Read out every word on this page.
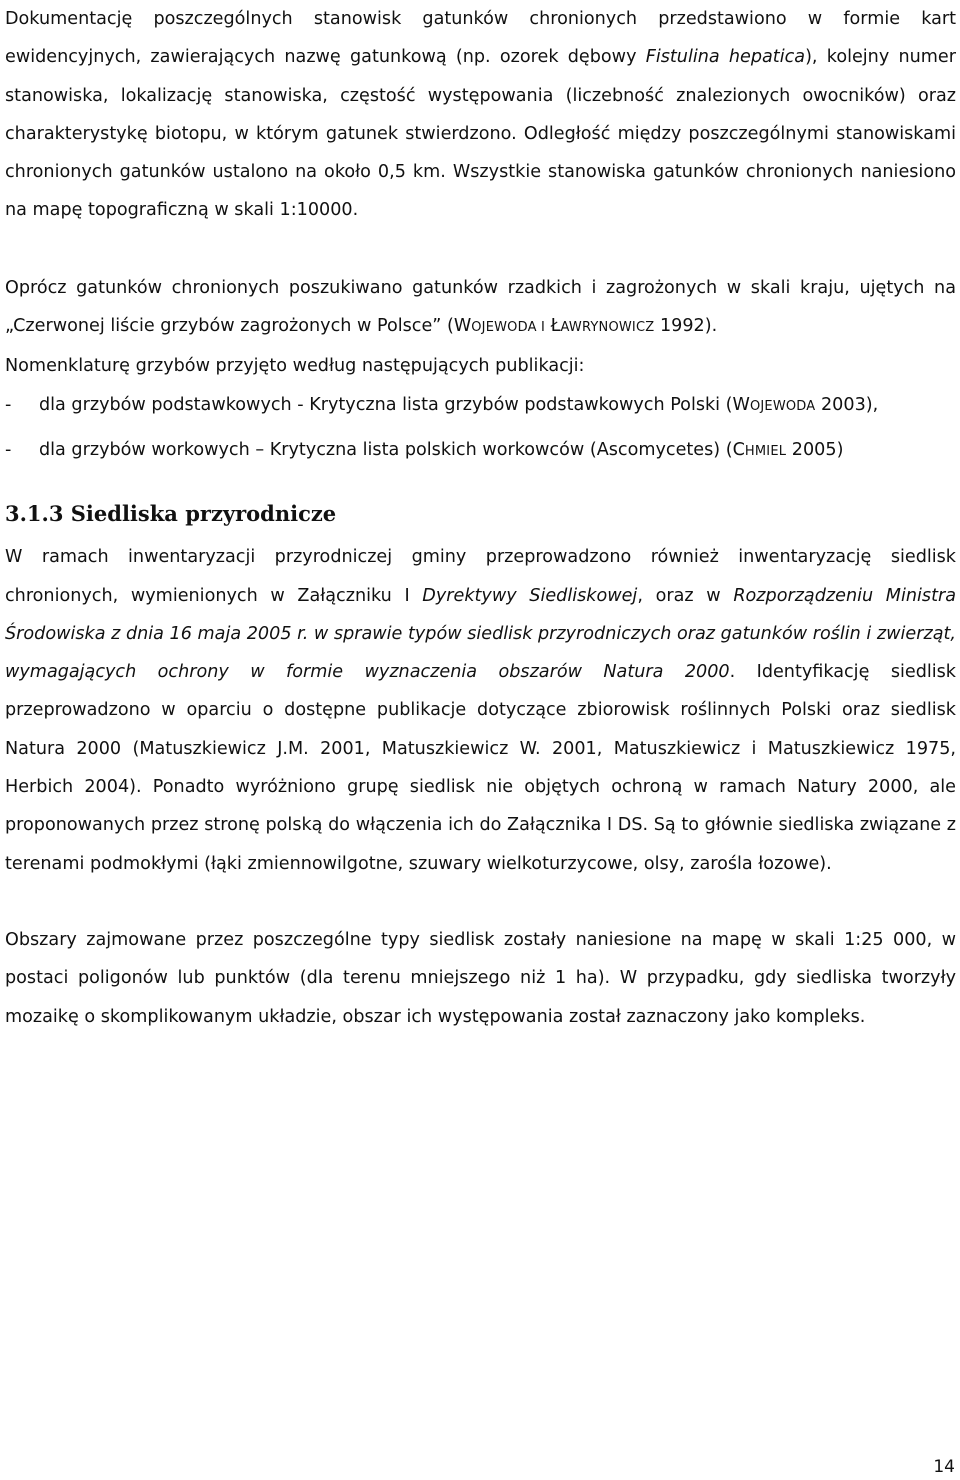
Dokumentację poszczególnych stanowisk gatunków chronionych przedstawiono w formie kart ewidencyjnych, zawierających nazwę gatunkową (np. ozorek dębowy Fistulina hepatica), kolejny numer stanowiska, lokalizację stanowiska, częstość występowania (liczebność znalezionych owocników) oraz charakterystykę biotopu, w którym gatunek stwierdzono. Odległość między poszczególnymi stanowiskami chronionych gatunków ustalono na około 0,5 km. Wszystkie stanowiska gatunków chronionych naniesiono na mapę topograficzną w skali 1:10000.

Oprócz gatunków chronionych poszukiwano gatunków rzadkich i zagrożonych w skali kraju, ujętych na „Czerwonej liście grzybów zagrożonych w Polsce” (WOJEWODA I ŁAWRYNOWICZ 1992).

Nomenklaturę grzybów przyjęto według następujących publikacji:

-	dla grzybów podstawkowych - Krytyczna lista grzybów podstawkowych Polski (WOJEWODA 2003),
-	dla grzybów workowych – Krytyczna lista polskich workowców (Ascomycetes) (CHMIEL 2005)
3.1.3 Siedliska przyrodnicze

W ramach inwentaryzacji przyrodniczej gminy przeprowadzono również inwentaryzację siedlisk chronionych, wymienionych w Załączniku I Dyrektywy Siedliskowej, oraz w Rozporządzeniu Ministra Środowiska z dnia 16 maja 2005 r. w sprawie typów siedlisk przyrodniczych oraz gatunków roślin i zwierząt, wymagających ochrony w formie wyznaczenia obszarów Natura 2000. Identyfikację siedlisk przeprowadzono w oparciu o dostępne publikacje dotyczące zbiorowisk roślinnych Polski oraz siedlisk Natura 2000 (Matuszkiewicz J.M. 2001, Matuszkiewicz W. 2001, Matuszkiewicz i Matuszkiewicz 1975, Herbich 2004). Ponadto wyróżniono grupę siedlisk nie objętych ochroną w ramach Natury 2000, ale proponowanych przez stronę polską do włączenia ich do Załącznika I DS. Są to głównie siedliska związane z terenami podmokłymi (łąki zmiennowilgotne, szuwary wielkoturzycowe, olsy, zarośla łozowe).

Obszary zajmowane przez poszczególne typy siedlisk zostały naniesione na mapę w skali 1:25 000, w postaci poligonów lub punktów (dla terenu mniejszego niż 1 ha). W przypadku, gdy siedliska tworzyły mozaikę o skomplikowanym układzie, obszar ich występowania został zaznaczony jako kompleks.

14
